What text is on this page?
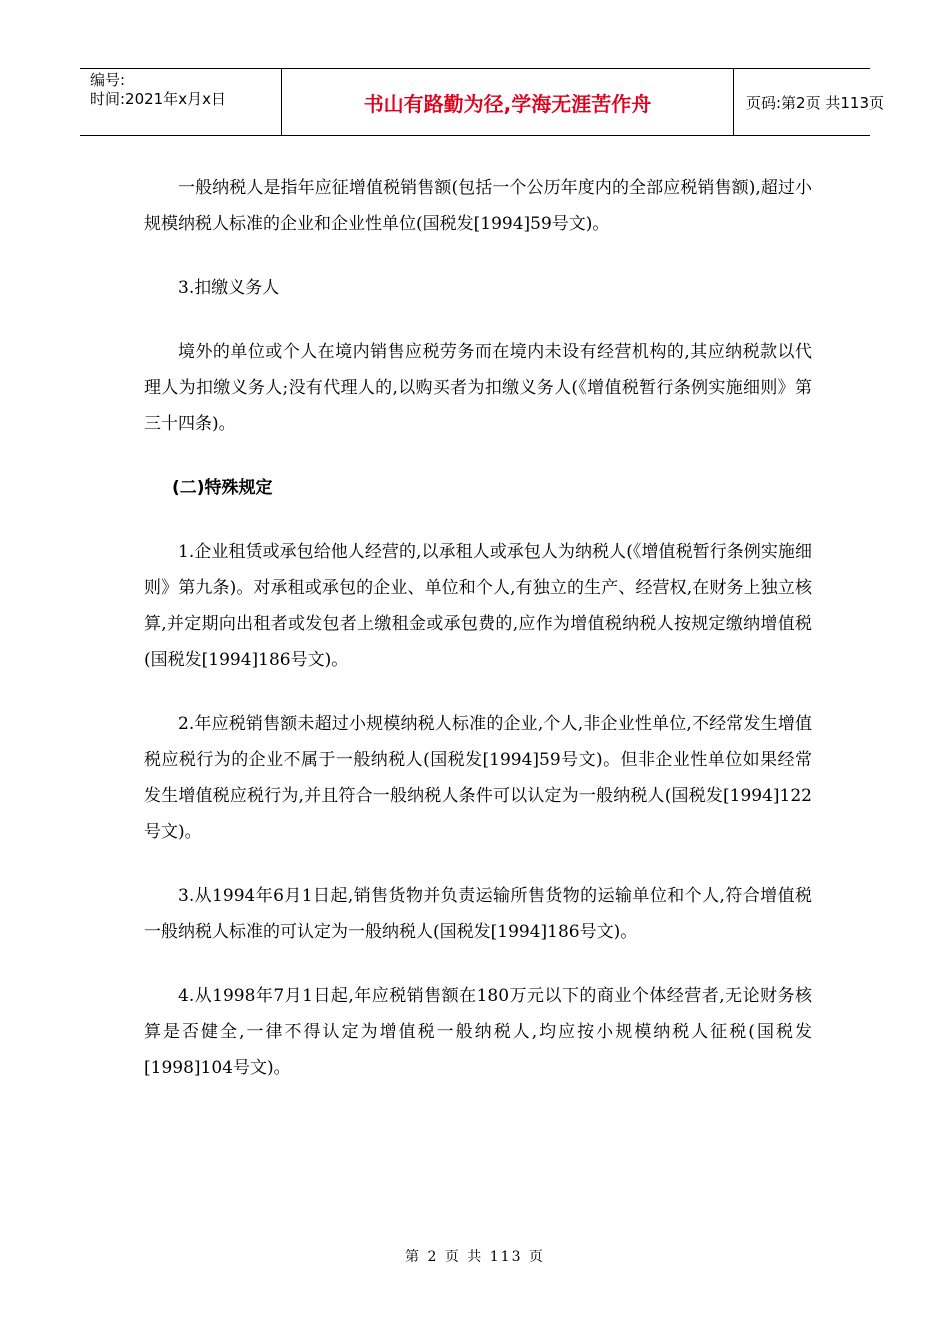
编号:
时间:2021年x月x日	书山有路勤为径,学海无涯苦作舟	页码:第2页 共113页

一般纳税人是指年应征增值税销售额(包括一个公历年度内的全部应税销售额),超过小规模纳税人标准的企业和企业性单位(国税发[1994]59号文)。

3.扣缴义务人

境外的单位或个人在境内销售应税劳务而在境内未设有经营机构的,其应纳税款以代理人为扣缴义务人;没有代理人的,以购买者为扣缴义务人(《增值税暂行条例实施细则》第三十四条)。

(二)特殊规定

1.企业租赁或承包给他人经营的,以承租人或承包人为纳税人(《增值税暂行条例实施细则》第九条)。对承租或承包的企业、单位和个人,有独立的生产、经营权,在财务上独立核算,并定期向出租者或发包者上缴租金或承包费的,应作为增值税纳税人按规定缴纳增值税(国税发[1994]186号文)。

2.年应税销售额未超过小规模纳税人标准的企业,个人,非企业性单位,不经常发生增值税应税行为的企业不属于一般纳税人(国税发[1994]59号文)。但非企业性单位如果经常发生增值税应税行为,并且符合一般纳税人条件可以认定为一般纳税人(国税发[1994]122号文)。

3.从1994年6月1日起,销售货物并负责运输所售货物的运输单位和个人,符合增值税一般纳税人标准的可认定为一般纳税人(国税发[1994]186号文)。

4.从1998年7月1日起,年应税销售额在180万元以下的商业个体经营者,无论财务核算是否健全,一律不得认定为增值税一般纳税人,均应按小规模纳税人征税(国税发[1998]104号文)。

第 2 页 共 113 页
